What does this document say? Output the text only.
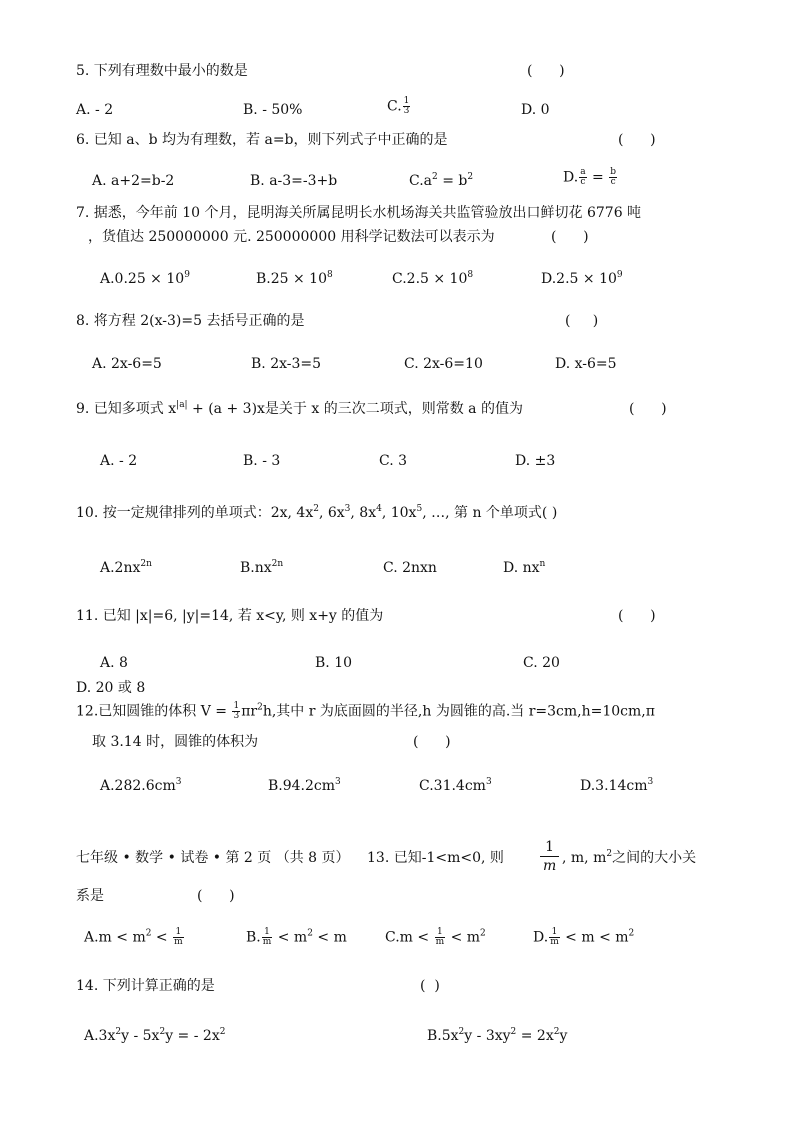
5. 下列有理数中最小的数是	(      )
A. - 2	B. - 50%	C. $\frac{1}{3}$	D. 0
6. 已知 a、b 均为有理数，若 a=b，则下列式子中正确的是	(      )
A. a+2=b-2	B. a-3=-3+b	$C.a^2 = b^2$	D. $\frac{a}{c} = \frac{b}{c}$
7. 据悉，今年前 10 个月，昆明海关所属昆明长水机场海关共监管验放出口鲜切花 6776 吨
，货值达 250000000 元. 250000000 用科学记数法可以表示为	(      )
$A.0.25 \times 10^9$	$B.25 \times 10^8$	$C.2.5 \times 10^8$	$D.2.5 \times 10^9$
8. 将方程 2(x-3)=5 去括号正确的是	(     )
A. 2x-6=5	B. 2x-3=5	C. 2x-6=10	D. x-6=5
9. 已知多项式 $x^{|a|} + (a + 3)x$是关于 x 的三次二项式，则常数 a 的值为	(      )
A. - 2	B. - 3	C. 3	D. ±3
10. 按一定规律排列的单项式：2x, $4x^2$, $6x^3$, $8x^4$, $10x^5$, …, 第 n 个单项式( )
$A.2nx^{2n}$	$B.nx^{2n}$	C. 2nxn	D. $nx^n$
11. 已知 |x|=6, |y|=14, 若 x<y, 则 x+y 的值为	(      )
A. 8	B. 10	C. 20
D. 20 或 8
12.已知圆锥的体积 $V = \frac{1}{3} \pi r^2h$,其中 r 为底面圆的半径,h 为圆锥的高.当 r=3cm,h=10cm,π
取 3.14 时，圆锥的体积为	(      )
$A.282.6cm^3$	$B.94.2cm^3$	$C.31.4cm^3$	$D.3.14cm^3$
七年级 • 数学 • 试卷 • 第 2 页 （共 8 页） 13. 已知-1<m<0, 则	$\frac{1}{m}$ , m, $m^2$之间的大小关
系是	(      )
$A.m < m^2 < \frac{1}{m}$	B. $\frac{1}{m} < m^2 < m$	$C.m < \frac{1}{m} < m^2$	D. $\frac{1}{m} < m < m^2$
14. 下列计算正确的是	(  )
$A.3x^2y - 5x^2y$ = - $2x^2$	$B.5x^2y - 3xy^2 = 2x^2y$
